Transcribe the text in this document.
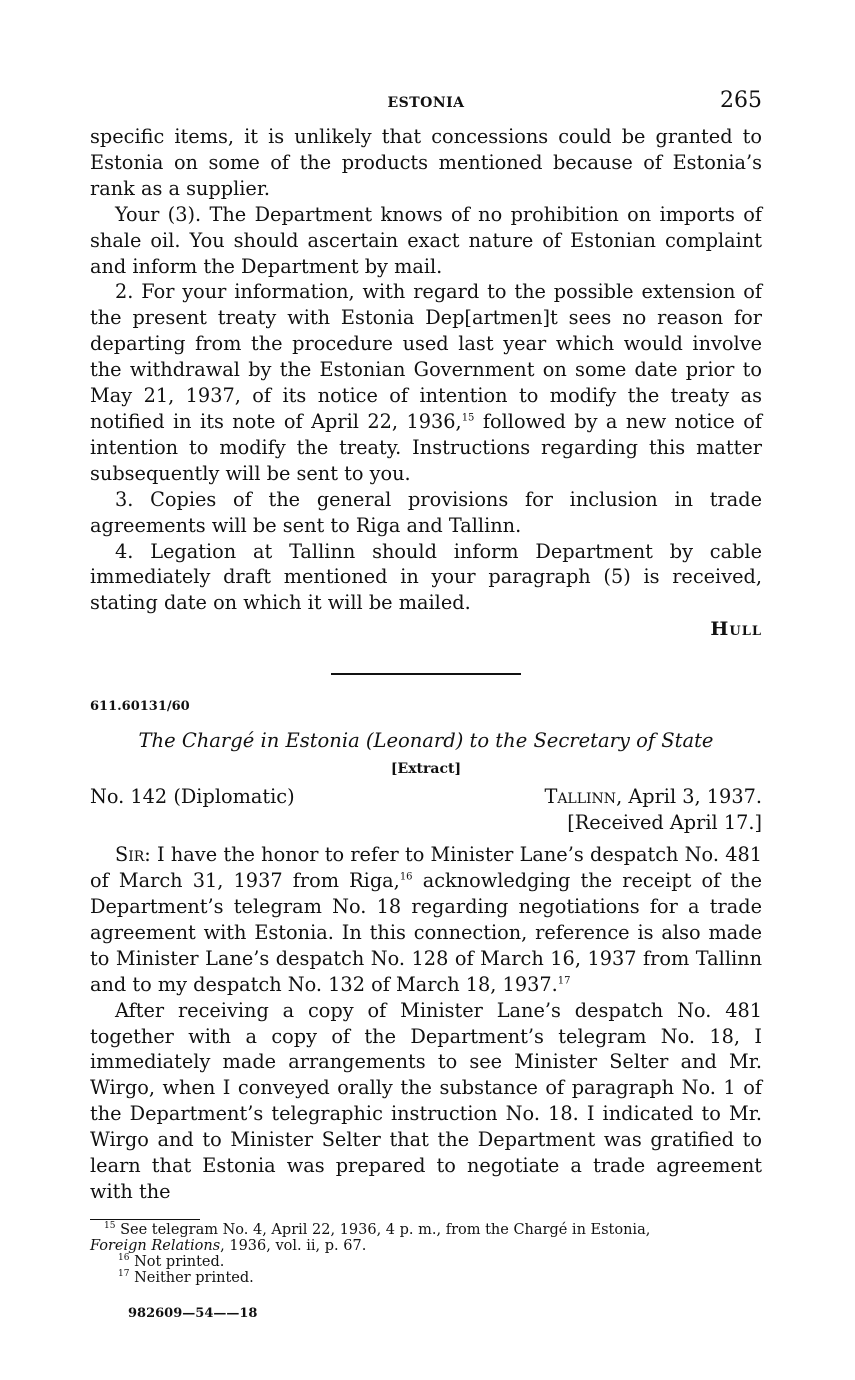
ESTONIA	265

specific items, it is unlikely that concessions could be granted to Estonia on some of the products mentioned because of Estonia’s rank as a supplier.

Your (3). The Department knows of no prohibition on imports of shale oil. You should ascertain exact nature of Estonian complaint and inform the Department by mail.

2. For your information, with regard to the possible extension of the present treaty with Estonia Dep[artmen]t sees no reason for departing from the procedure used last year which would involve the withdrawal by the Estonian Government on some date prior to May 21, 1937, of its notice of intention to modify the treaty as notified in its note of April 22, 1936,15 followed by a new notice of intention to modify the treaty. Instructions regarding this matter subsequently will be sent to you.

3. Copies of the general provisions for inclusion in trade agreements will be sent to Riga and Tallinn.

4. Legation at Tallinn should inform Department by cable immediately draft mentioned in your paragraph (5) is received, stating date on which it will be mailed.

Hull
611.60131/60
The Chargé in Estonia (Leonard) to the Secretary of State
[Extract]
No. 142 (Diplomatic)	Tallinn, April 3, 1937.
[Received April 17.]

Sir: I have the honor to refer to Minister Lane’s despatch No. 481 of March 31, 1937 from Riga,$^{16}$ acknowledging the receipt of the Department’s telegram No. 18 regarding negotiations for a trade agreement with Estonia. In this connection, reference is also made to Minister Lane’s despatch No. 128 of March 16, 1937 from Tallinn and to my despatch No. 132 of March 18, 1937.17

After receiving a copy of Minister Lane’s despatch No. 481 together with a copy of the Department’s telegram No. 18, I immediately made arrangements to see Minister Selter and Mr. Wirgo, when I conveyed orally the substance of paragraph No. 1 of the Department’s telegraphic instruction No. 18. I indicated to Mr. Wirgo and to Minister Selter that the Department was gratified to learn that Estonia was prepared to negotiate a trade agreement with the

$^{15}$ See telegram No. 4, April 22, 1936, 4 p. m., from the Chargé in Estonia,
Foreign Relations, 1936, vol. ii, p. 67.
$^{16}$ Not printed.
$^{17}$ Neither printed.
982609—54——18
